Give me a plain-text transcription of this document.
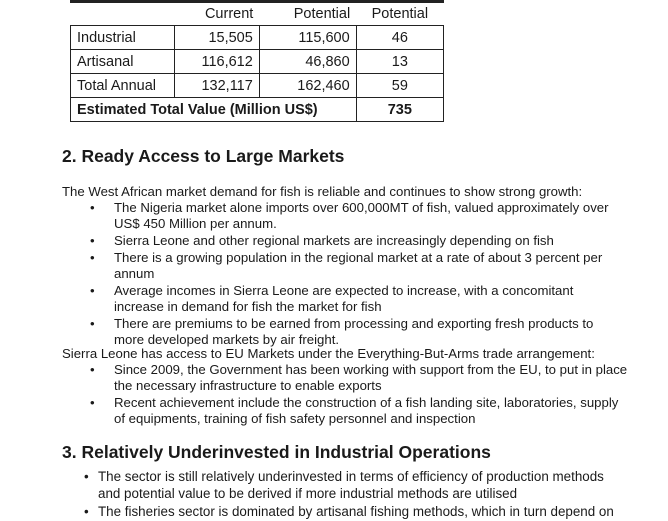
	Current	Potential	Potential
Industrial	15,505	115,600	46
Artisanal	116,612	46,860	13
Total Annual	132,117	162,460	59
Estimated Total Value (Million US$)			735
2. Ready Access to Large Markets

The West African market demand for fish is reliable and continues to show strong growth:

• The Nigeria market alone imports over 600,000MT of fish, valued approximately over US$ 450 Million per annum.
• Sierra Leone and other regional markets are increasingly depending on fish
• There is a growing population in the regional market at a rate of about 3 percent per annum
• Average incomes in Sierra Leone are expected to increase, with a concomitant increase in demand for fish the market for fish
• There are premiums to be earned from processing and exporting fresh products to more developed markets by air freight.

Sierra Leone has access to EU Markets under the Everything-But-Arms trade arrangement:

• Since 2009, the Government has been working with support from the EU, to put in place the necessary infrastructure to enable exports
• Recent achievement include the construction of a fish landing site, laboratories, supply of equipments, training of fish safety personnel and inspection
3. Relatively Underinvested in Industrial Operations
• The sector is still relatively underinvested in terms of efficiency of production methods and potential value to be derived if more industrial methods are utilised
• The fisheries sector is dominated by artisanal fishing methods, which in turn depend on
